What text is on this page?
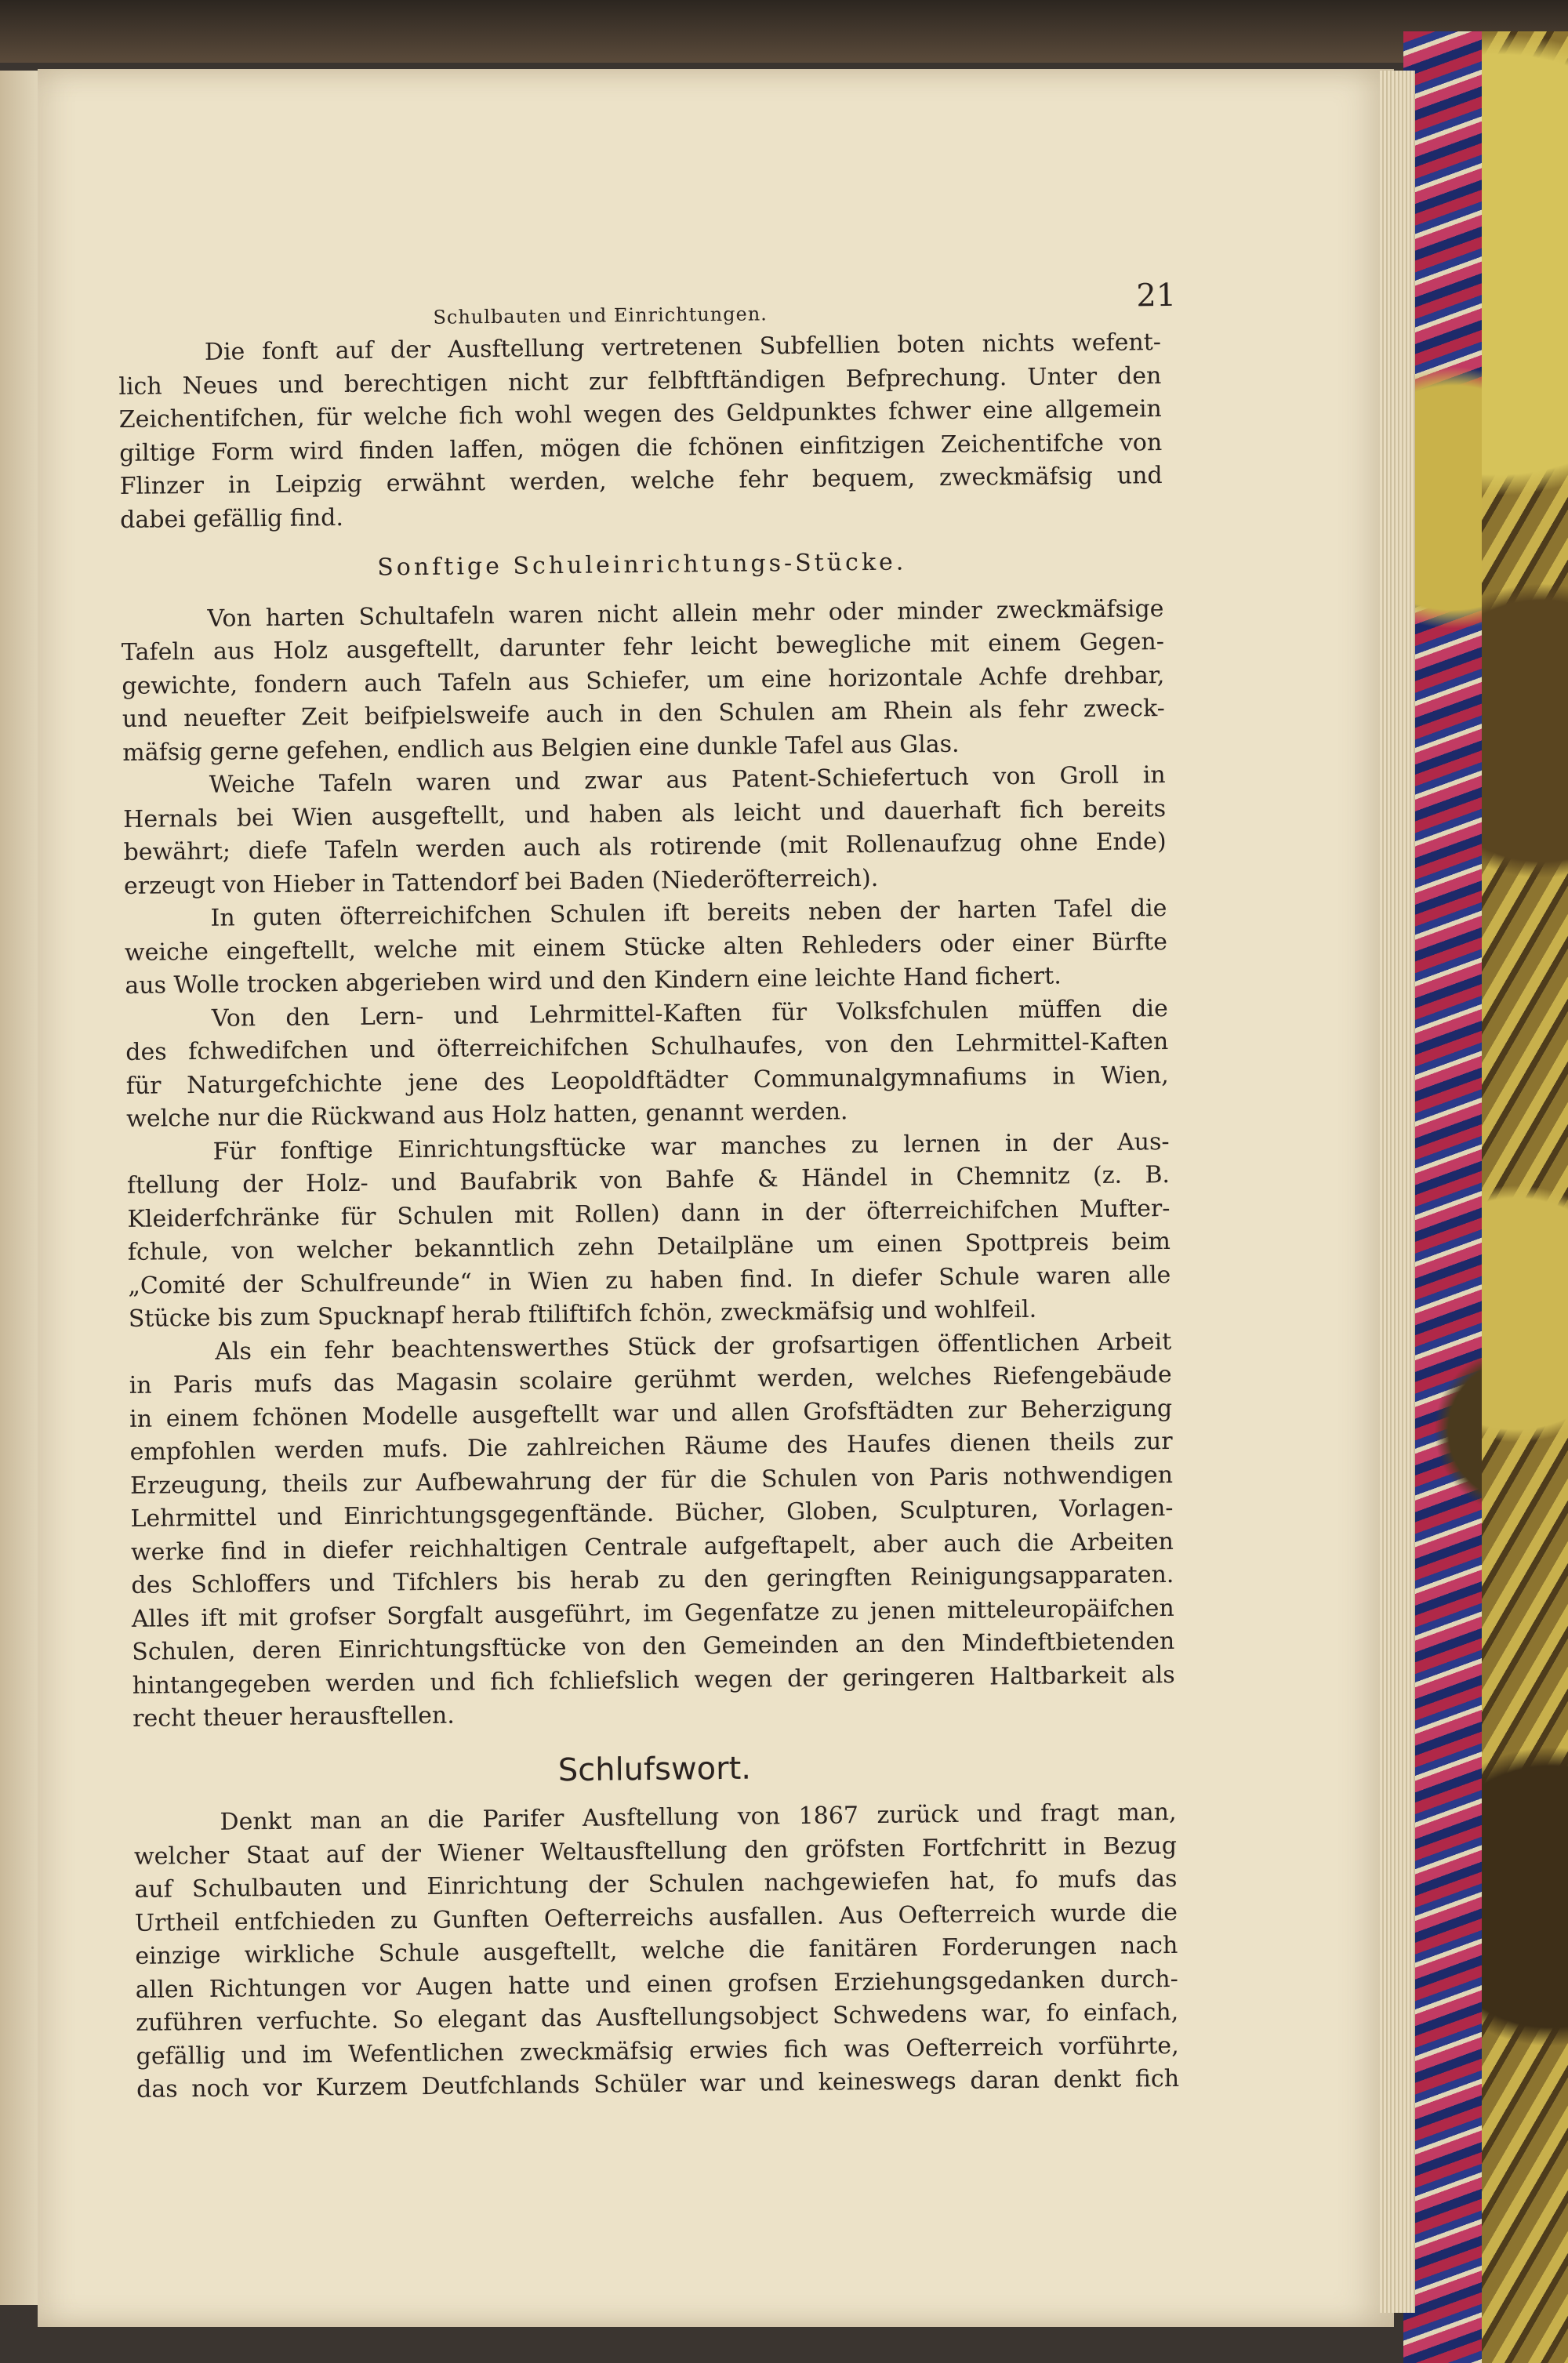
Schulbauten und Einrichtungen.
21
Die fonft auf der Ausftellung vertretenen Subfellien boten nichts wefent-
lich Neues und berechtigen nicht zur felbftftändigen Befprechung. Unter den
Zeichentifchen, für welche fich wohl wegen des Geldpunktes fchwer eine allgemein
giltige Form wird finden laffen, mögen die fchönen einfitzigen Zeichentifche von
Flinzer in Leipzig erwähnt werden, welche fehr bequem, zweckmäfsig und
dabei gefällig find.
Sonftige Schuleinrichtungs-Stücke.
Von harten Schultafeln waren nicht allein mehr oder minder zweckmäfsige
Tafeln aus Holz ausgeftellt, darunter fehr leicht bewegliche mit einem Gegen-
gewichte, fondern auch Tafeln aus Schiefer, um eine horizontale Achfe drehbar,
und neuefter Zeit beifpielsweife auch in den Schulen am Rhein als fehr zweck-
mäfsig gerne gefehen, endlich aus Belgien eine dunkle Tafel aus Glas.
Weiche Tafeln waren und zwar aus Patent-Schiefertuch von Groll in
Hernals bei Wien ausgeftellt, und haben als leicht und dauerhaft fich bereits
bewährt; diefe Tafeln werden auch als rotirende (mit Rollenaufzug ohne Ende)
erzeugt von Hieber in Tattendorf bei Baden (Niederöfterreich).
In guten öfterreichifchen Schulen ift bereits neben der harten Tafel die
weiche eingeftellt, welche mit einem Stücke alten Rehleders oder einer Bürfte
aus Wolle trocken abgerieben wird und den Kindern eine leichte Hand fichert.
Von den Lern- und Lehrmittel-Kaften für Volksfchulen müffen die
des fchwedifchen und öfterreichifchen Schulhaufes, von den Lehrmittel-Kaften
für Naturgefchichte jene des Leopoldftädter Communalgymnafiums in Wien,
welche nur die Rückwand aus Holz hatten, genannt werden.
Für fonftige Einrichtungsftücke war manches zu lernen in der Aus-
ftellung der Holz- und Baufabrik von Bahfe & Händel in Chemnitz (z. B.
Kleiderfchränke für Schulen mit Rollen) dann in der öfterreichifchen Mufter-
fchule, von welcher bekanntlich zehn Detailpläne um einen Spottpreis beim
„Comité der Schulfreunde“ in Wien zu haben find. In diefer Schule waren alle
Stücke bis zum Spucknapf herab ftiliftifch fchön, zweckmäfsig und wohlfeil.
Als ein fehr beachtenswerthes Stück der grofsartigen öffentlichen Arbeit
in Paris mufs das Magasin scolaire gerühmt werden, welches Riefengebäude
in einem fchönen Modelle ausgeftellt war und allen Grofsftädten zur Beherzigung
empfohlen werden mufs. Die zahlreichen Räume des Haufes dienen theils zur
Erzeugung, theils zur Aufbewahrung der für die Schulen von Paris nothwendigen
Lehrmittel und Einrichtungsgegenftände. Bücher, Globen, Sculpturen, Vorlagen-
werke find in diefer reichhaltigen Centrale aufgeftapelt, aber auch die Arbeiten
des Schloffers und Tifchlers bis herab zu den geringften Reinigungsapparaten.
Alles ift mit grofser Sorgfalt ausgeführt, im Gegenfatze zu jenen mitteleuropäifchen
Schulen, deren Einrichtungsftücke von den Gemeinden an den Mindeftbietenden
hintangegeben werden und fich fchliefslich wegen der geringeren Haltbarkeit als
recht theuer herausftellen.
Schlufswort.
Denkt man an die Parifer Ausftellung von 1867 zurück und fragt man,
welcher Staat auf der Wiener Weltausftellung den gröfsten Fortfchritt in Bezug
auf Schulbauten und Einrichtung der Schulen nachgewiefen hat, fo mufs das
Urtheil entfchieden zu Gunften Oefterreichs ausfallen. Aus Oefterreich wurde die
einzige wirkliche Schule ausgeftellt, welche die fanitären Forderungen nach
allen Richtungen vor Augen hatte und einen grofsen Erziehungsgedanken durch-
zuführen verfuchte. So elegant das Ausftellungsobject Schwedens war, fo einfach,
gefällig und im Wefentlichen zweckmäfsig erwies fich was Oefterreich vorführte,
das noch vor Kurzem Deutfchlands Schüler war und keineswegs daran denkt fich
